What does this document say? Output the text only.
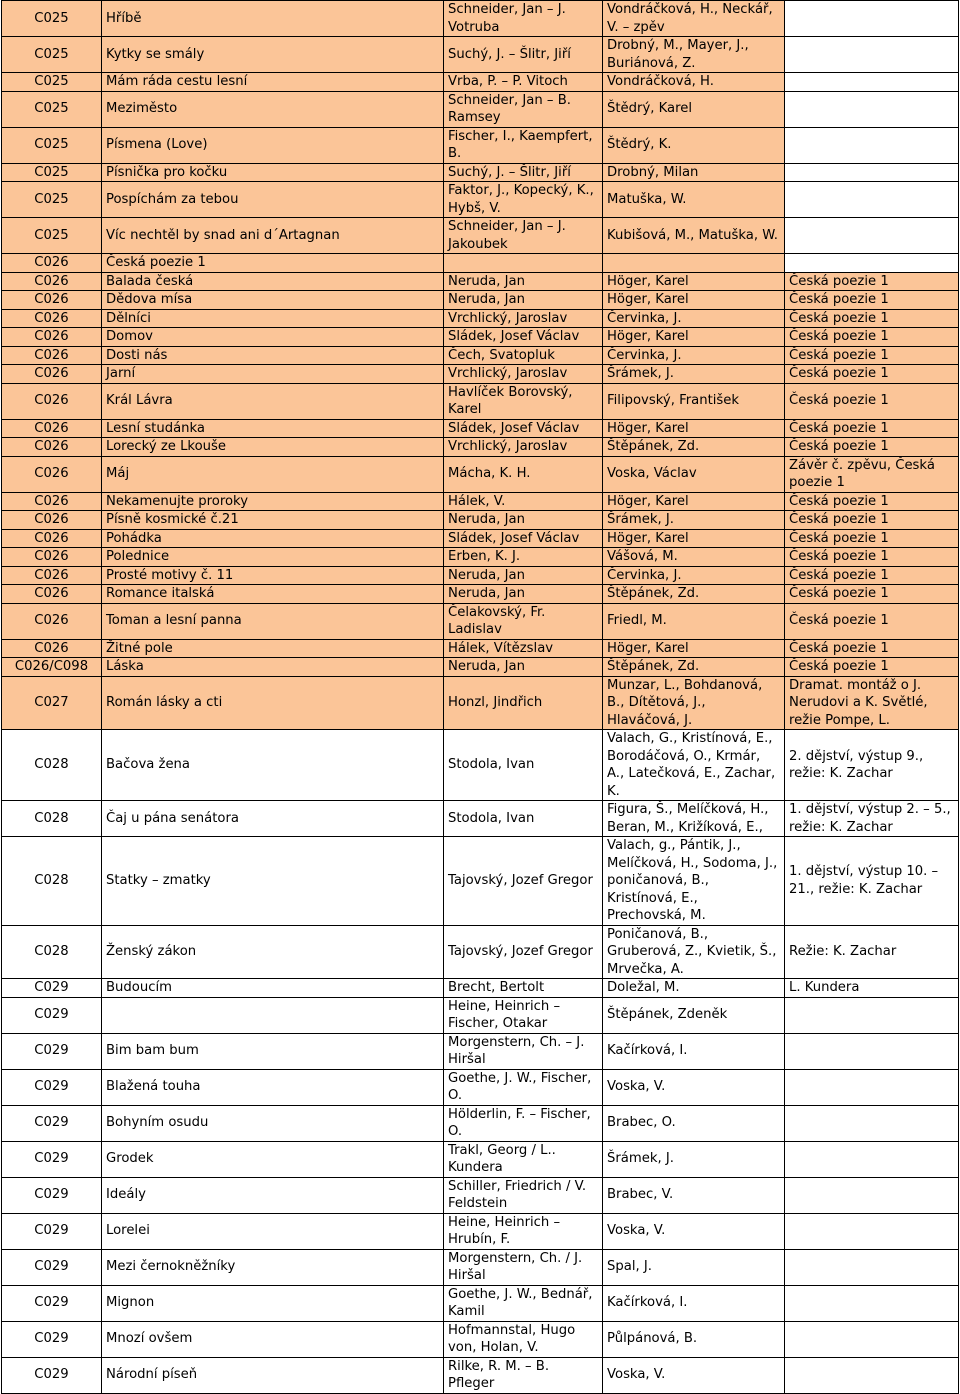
C025	Hříbě	Schneider, Jan – J. Votruba	Vondráčková, H., Neckář, V. – zpěv	
C025	Kytky se smály	Suchý, J. – Šlitr, Jiří	Drobný, M., Mayer, J., Buriánová, Z.	
C025	Mám ráda cestu lesní	Vrba, P. – P. Vitoch	Vondráčková, H.	
C025	Meziměsto	Schneider, Jan – B. Ramsey	Štědrý, Karel	
C025	Písmena (Love)	Fischer, I., Kaempfert, B.	Štědrý, K.	
C025	Písnička pro kočku	Suchý, J. – Šlitr, Jiří	Drobný, Milan	
C025	Pospíchám za tebou	Faktor, J., Kopecký, K., Hybš, V.	Matuška, W.	
C025	Víc nechtěl by snad ani d´Artagnan	Schneider, Jan – J. Jakoubek	Kubišová, M., Matuška, W.	
C026	Česká poezie 1			
C026	Balada česká	Neruda, Jan	Höger, Karel	Česká poezie 1
C026	Dědova mísa	Neruda, Jan	Höger, Karel	Česká poezie 1
C026	Dělníci	Vrchlický, Jaroslav	Červinka, J.	Česká poezie 1
C026	Domov	Sládek, Josef Václav	Höger, Karel	Česká poezie 1
C026	Dosti nás	Čech, Svatopluk	Červinka, J.	Česká poezie 1
C026	Jarní	Vrchlický, Jaroslav	Šrámek, J.	Česká poezie 1
C026	Král Lávra	Havlíček Borovský, Karel	Filipovský, František	Česká poezie 1
C026	Lesní studánka	Sládek, Josef Václav	Höger, Karel	Česká poezie 1
C026	Lorecký ze Lkouše	Vrchlický, Jaroslav	Štěpánek, Zd.	Česká poezie 1
C026	Máj	Mácha, K. H.	Voska, Václav	Závěr č. zpěvu, Česká poezie 1
C026	Nekamenujte proroky	Hálek, V.	Höger, Karel	Česká poezie 1
C026	Písně kosmické č.21	Neruda, Jan	Šrámek, J.	Česká poezie 1
C026	Pohádka	Sládek, Josef Václav	Höger, Karel	Česká poezie 1
C026	Polednice	Erben, K. J.	Vášová, M.	Česká poezie 1
C026	Prosté motivy č. 11	Neruda, Jan	Červinka, J.	Česká poezie 1
C026	Romance italská	Neruda, Jan	Štěpánek, Zd.	Česká poezie 1
C026	Toman a lesní panna	Čelakovský, Fr. Ladislav	Friedl, M.	Česká poezie 1
C026	Žitné pole	Hálek, Vítězslav	Höger, Karel	Česká poezie 1
C026/C098	Láska	Neruda, Jan	Štěpánek, Zd.	Česká poezie 1
C027	Román lásky a cti	Honzl, Jindřich	Munzar, L., Bohdanová, B., Dítětová, J., Hlaváčová, J.	Dramat. montáž o J. Nerudovi a K. Světlé, režie Pompe, L.
C028	Bačova žena	Stodola, Ivan	Valach, G., Kristínová, E., Borodáčová, O., Krmár, A., Latečková, E., Zachar, K.	2. dějství, výstup 9., režie: K. Zachar
C028	Čaj u pána senátora	Stodola, Ivan	Figura, Š., Melíčková, H., Beran, M., Križíková, E.,	1. dějství, výstup 2. – 5., režie: K. Zachar
C028	Statky – zmatky	Tajovský, Jozef Gregor	Valach, g., Pántik, J., Melíčková, H., Sodoma, J., poničanová, B., Kristínová, E., Prechovská, M.	1. dějství, výstup 10. – 21., režie: K. Zachar
C028	Ženský zákon	Tajovský, Jozef Gregor	Poničanová, B., Gruberová, Z., Kvietik, Š., Mrvečka, A.	Režie: K. Zachar
C029	Budoucím	Brecht, Bertolt	Doležal, M.	L. Kundera
C029		Heine, Heinrich – Fischer, Otakar	Štěpánek, Zdeněk	
C029	Bim bam bum	Morgenstern, Ch. – J. Hiršal	Kačírková, I.	
C029	Blažená touha	Goethe, J. W., Fischer, O.	Voska, V.	
C029	Bohyním osudu	Hölderlin, F. – Fischer, O.	Brabec, O.	
C029	Grodek	Trakl, Georg / L.. Kundera	Šrámek, J.	
C029	Ideály	Schiller, Friedrich / V. Feldstein	Brabec, V.	
C029	Lorelei	Heine, Heinrich – Hrubín, F.	Voska, V.	
C029	Mezi černokněžníky	Morgenstern, Ch. / J. Hiršal	Spal, J.	
C029	Mignon	Goethe, J. W., Bednář, Kamil	Kačírková, I.	
C029	Mnozí ovšem	Hofmannstal, Hugo von, Holan, V.	Půlpánová, B.	
C029	Národní píseň	Rilke, R. M. – B. Pfleger	Voska, V.	
